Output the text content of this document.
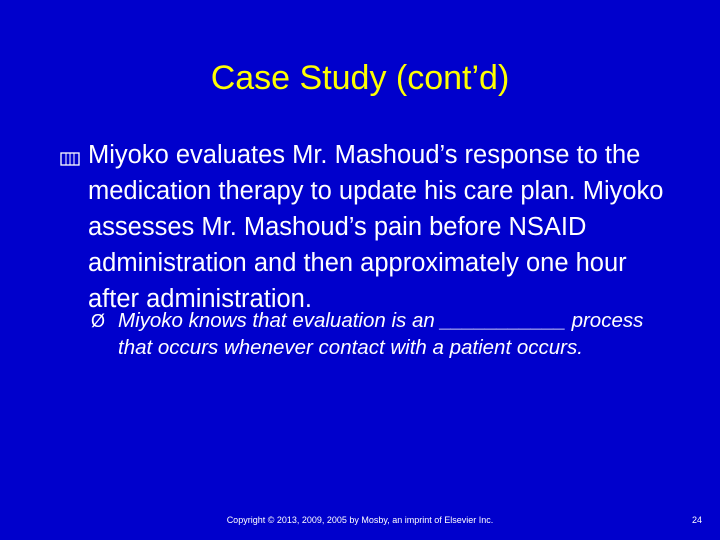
Case Study (cont’d)
Miyoko evaluates Mr. Mashoud’s response to the medication therapy to update his care plan. Miyoko assesses Mr. Mashoud’s pain before NSAID administration and then approximately one hour after administration.
Ø Miyoko knows that evaluation is an ___________ process that occurs whenever contact with a patient occurs.
Copyright © 2013, 2009, 2005 by Mosby, an imprint of Elsevier Inc.	24
